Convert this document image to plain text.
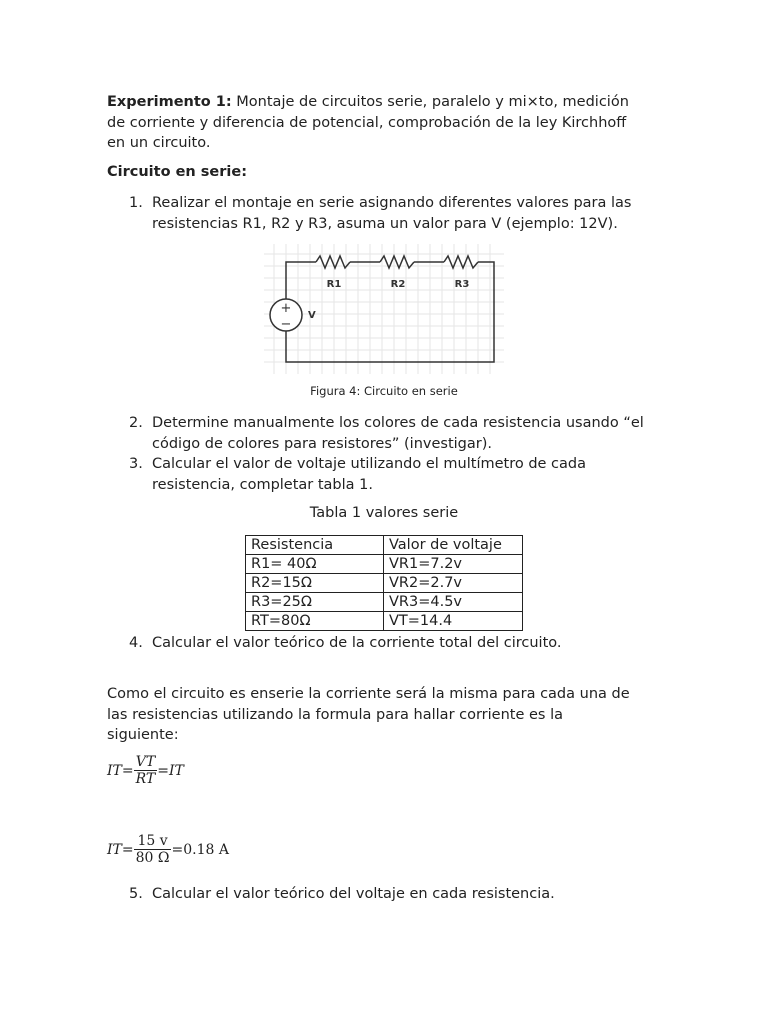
Experimento 1: Montaje de circuitos serie, paralelo y mi×to, medición
de corriente y diferencia de potencial, comprobación de la ley Kirchhoff
en un circuito.
Circuito en serie:
1. Realizar el montaje en serie asignando diferentes valores para las
resistencias R1, R2 y R3, asuma un valor para V (ejemplo: 12V).
+
−
R1	R2	R3
V
Figura 4: Circuito en serie
2. Determine manualmente los colores de cada resistencia usando “el
código de colores para resistores” (investigar).
3. Calcular el valor de voltaje utilizando el multímetro de cada
resistencia, completar tabla 1.
Tabla 1 valores serie
Resistencia	Valor de voltaje
R1= 40Ω	VR1=7.2v
R2=15Ω	VR2=2.7v
R3=25Ω	VR3=4.5v
RT=80Ω	VT=14.4
4. Calcular el valor teórico de la corriente total del circuito.
Como el circuito es enserie la corriente será la misma para cada una de
las resistencias utilizando la formula para hallar corriente es la
siguiente:
$IT= \frac{VT}{RT} =IT$
$IT= \frac{15 v}{80 \Omega} =0.18$ A
5. Calcular el valor teórico del voltaje en cada resistencia.
